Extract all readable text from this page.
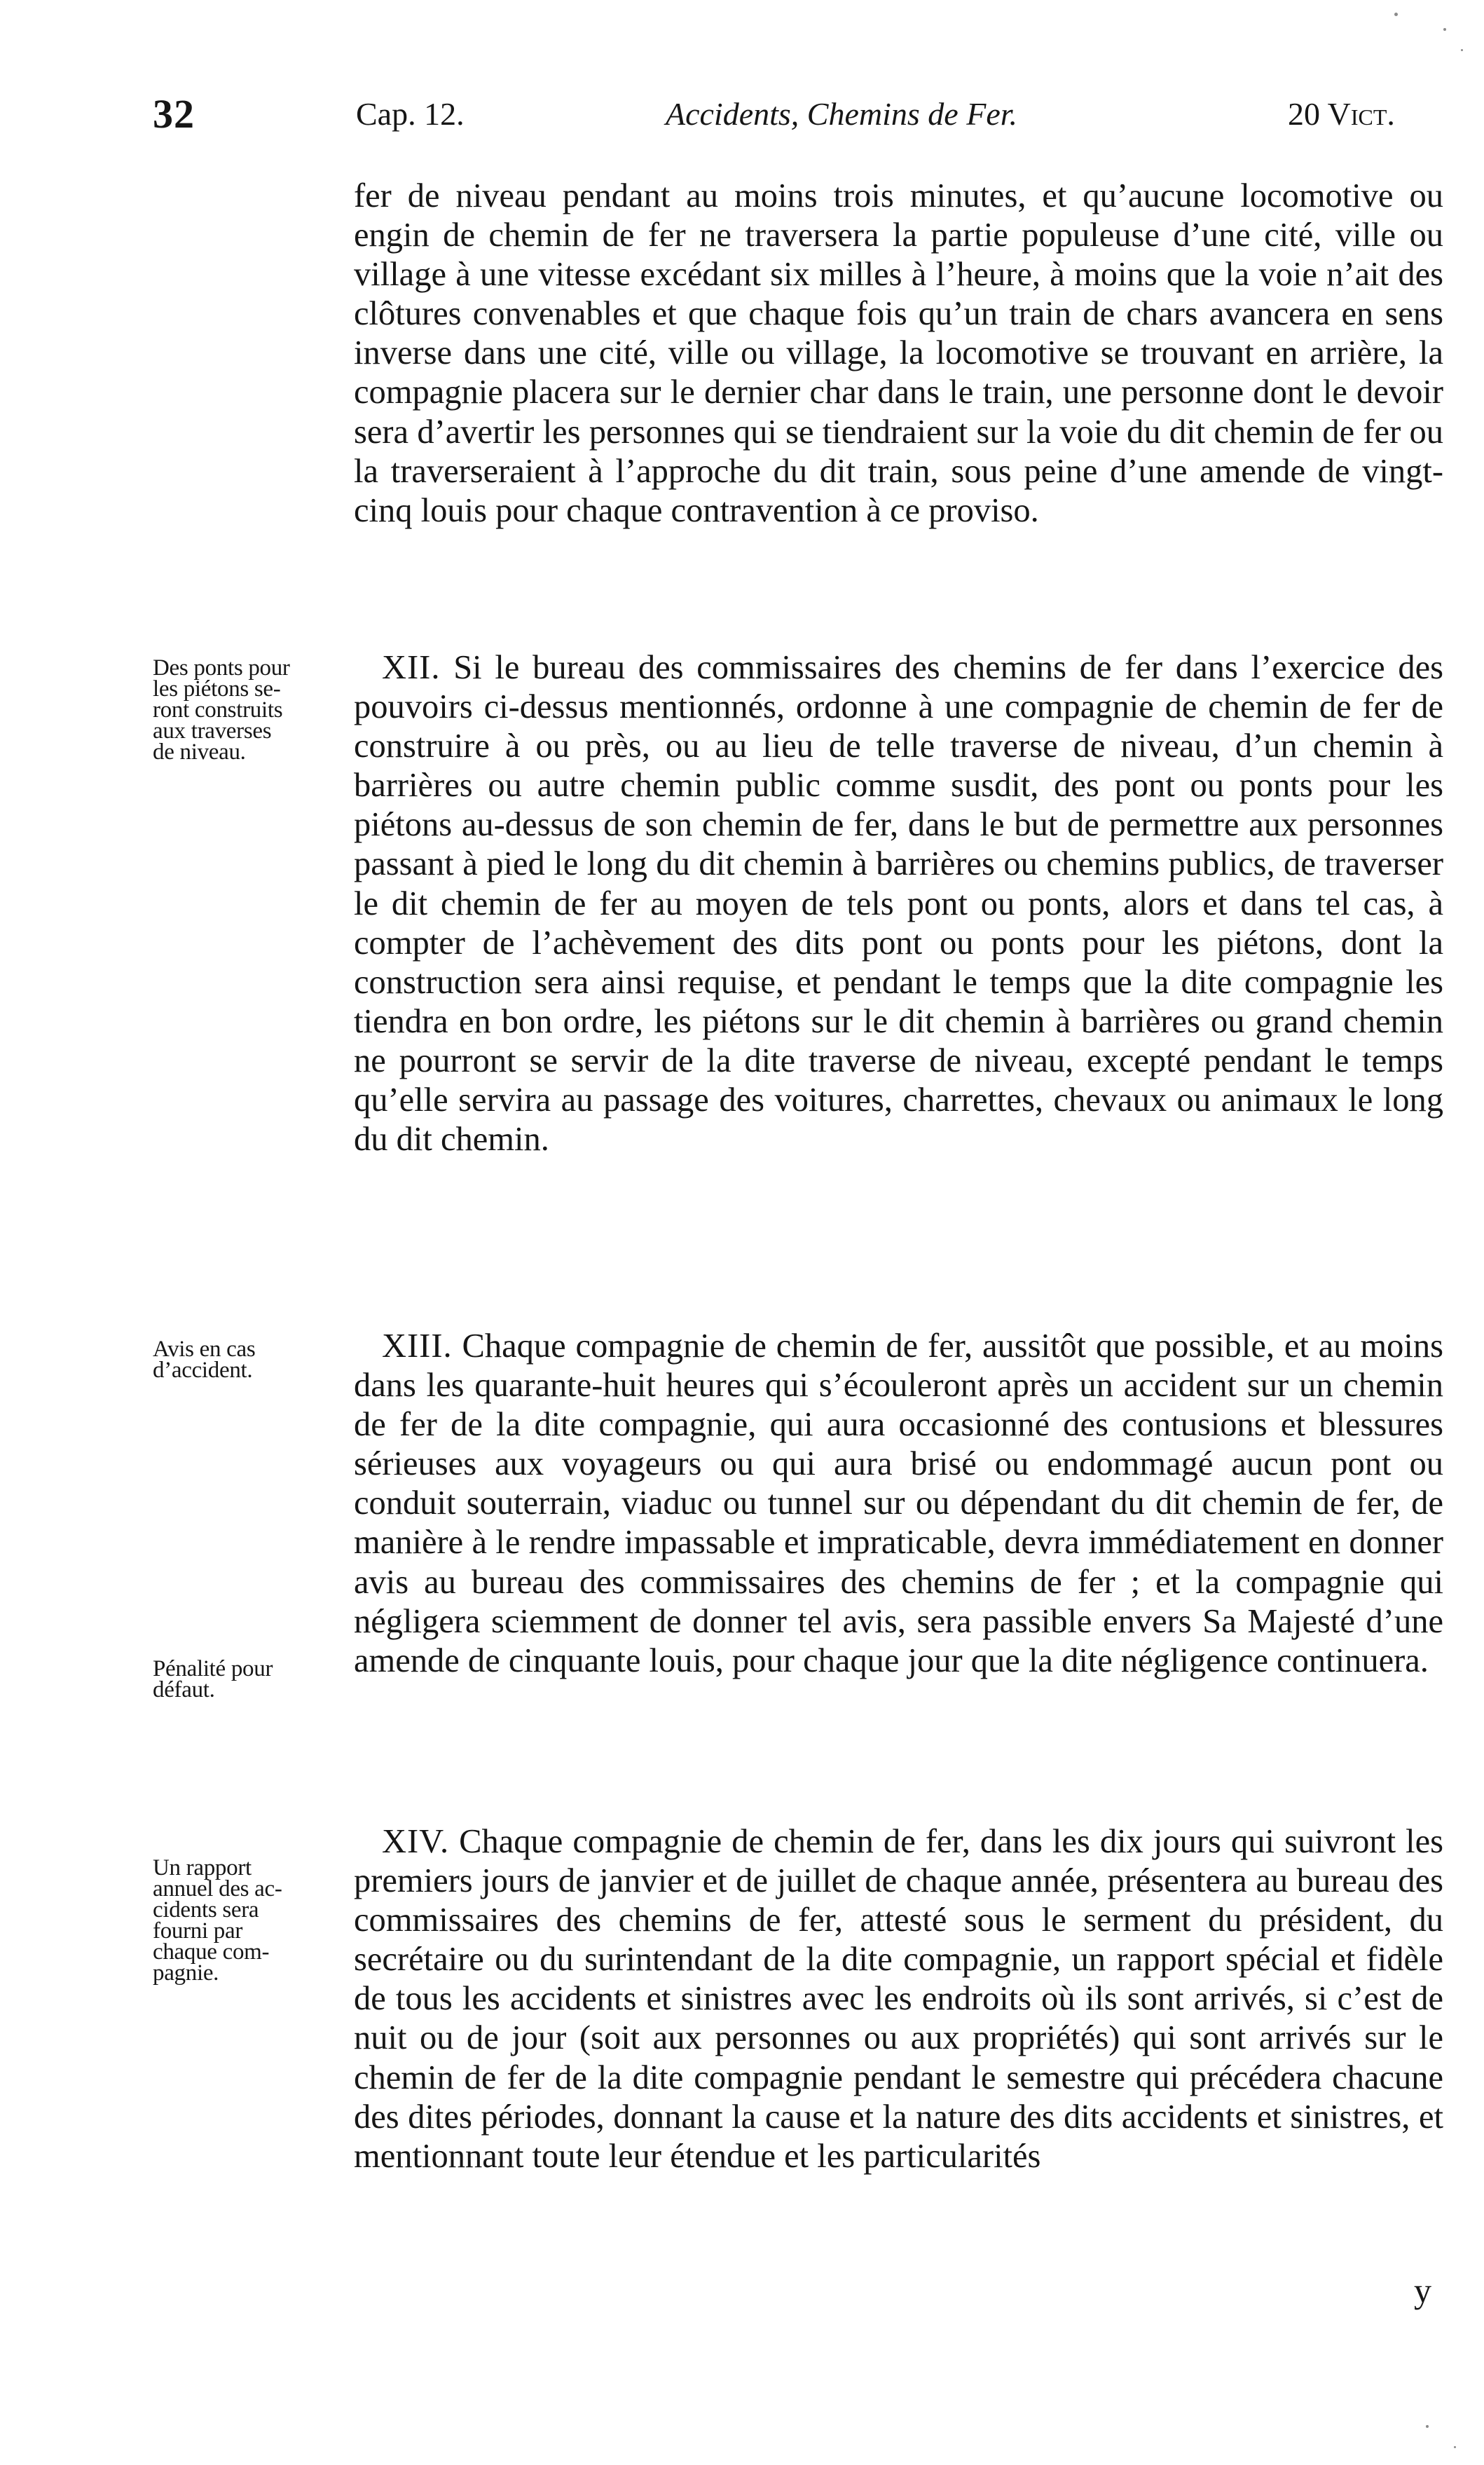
32	Cap. 12.	Accidents, Chemins de Fer.	20 Vict.

fer de niveau pendant au moins trois minutes, et qu’aucune locomotive ou engin de chemin de fer ne traversera la partie populeuse d’une cité, ville ou village à une vitesse excédant six milles à l’heure, à moins que la voie n’ait des clôtures convenables et que chaque fois qu’un train de chars avancera en sens inverse dans une cité, ville ou village, la locomotive se trouvant en arrière, la compagnie placera sur le dernier char dans le train, une personne dont le devoir sera d’avertir les personnes qui se tiendraient sur la voie du dit chemin de fer ou la traverseraient à l’approche du dit train, sous peine d’une amende de vingt-cinq louis pour chaque contravention à ce proviso.

Des ponts pour
les piétons se-
ront construits
aux traverses
de niveau.

XII. Si le bureau des commissaires des chemins de fer dans l’exercice des pouvoirs ci-dessus mentionnés, ordonne à une compagnie de chemin de fer de construire à ou près, ou au lieu de telle traverse de niveau, d’un chemin à barrières ou autre chemin public comme susdit, des pont ou ponts pour les piétons au-dessus de son chemin de fer, dans le but de permettre aux personnes passant à pied le long du dit chemin à barrières ou chemins publics, de traverser le dit chemin de fer au moyen de tels pont ou ponts, alors et dans tel cas, à compter de l’achèvement des dits pont ou ponts pour les piétons, dont la construction sera ainsi requise, et pendant le temps que la dite compagnie les tiendra en bon ordre, les piétons sur le dit chemin à barrières ou grand chemin ne pourront se servir de la dite traverse de niveau, excepté pendant le temps qu’elle servira au passage des voitures, charrettes, chevaux ou animaux le long du dit chemin.

Avis en cas
d’accident.
Pénalité pour
défaut.

XIII. Chaque compagnie de chemin de fer, aussitôt que possible, et au moins dans les quarante-huit heures qui s’écouleront après un accident sur un chemin de fer de la dite compagnie, qui aura occasionné des contusions et blessures sérieuses aux voyageurs ou qui aura brisé ou endommagé aucun pont ou conduit souterrain, viaduc ou tunnel sur ou dépendant du dit chemin de fer, de manière à le rendre impassable et impraticable, devra immédiatement en donner avis au bureau des commissaires des chemins de fer ; et la compagnie qui négligera sciemment de donner tel avis, sera passible envers Sa Majesté d’une amende de cinquante louis, pour chaque jour que la dite négligence continuera.

Un rapport
annuel des ac-
cidents sera
fourni par
chaque com-
pagnie.

XIV. Chaque compagnie de chemin de fer, dans les dix jours qui suivront les premiers jours de janvier et de juillet de chaque année, présentera au bureau des commissaires des chemins de fer, attesté sous le serment du président, du secrétaire ou du surintendant de la dite compagnie, un rapport spécial et fidèle de tous les accidents et sinistres avec les endroits où ils sont arrivés, si c’est de nuit ou de jour (soit aux personnes ou aux propriétés) qui sont arrivés sur le chemin de fer de la dite compagnie pendant le semestre qui précédera chacune des dites périodes, donnant la cause et la nature des dits accidents et sinistres, et mentionnant toute leur étendue et les particularités

y
